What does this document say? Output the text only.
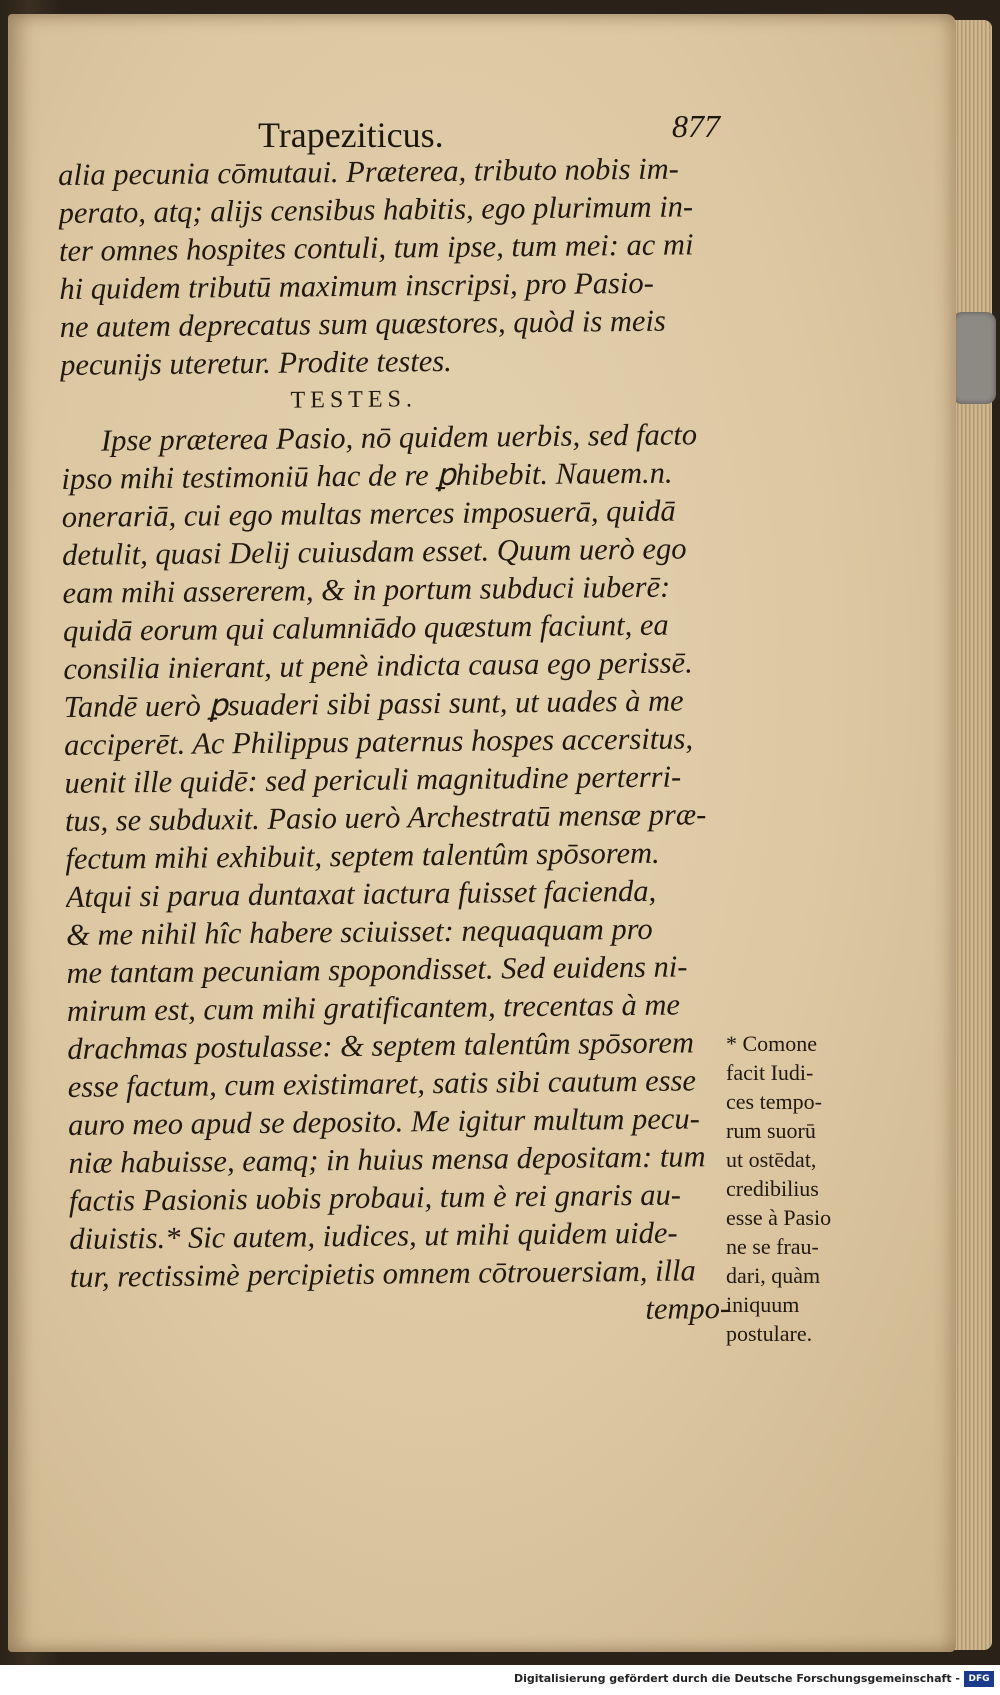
Trapeziticus.	877
alia pecunia cōmutaui. Prӕterea, tributo nobis im-
perato, atq; alijs censibus habitis, ego plurimum in-
ter omnes hospites contuli, tum ipse, tum mei: ac mi
hi quidem tributū maximum inscripsi, pro Pasio-
ne autem deprecatus sum quӕstores, quòd is meis
pecunijs uteretur. Prodite testes.
TESTES.
Ipse prӕterea Pasio, nō quidem uerbis, sed facto
ipso mihi testimoniū hac de re ꝑhibebit. Nauem.n.
onerariā, cui ego multas merces imposuerā, quidā
detulit, quasi Delij cuiusdam esset. Quum uerò ego
eam mihi assererem, & in portum subduci iuberē:
quidā eorum qui calumniādo quӕstum faciunt, ea
consilia inierant, ut penè indicta causa ego perissē.
Tandē uerò ꝑsuaderi sibi passi sunt, ut uades à me
acciperēt. Ac Philippus paternus hospes accersitus,
uenit ille quidē: sed periculi magnitudine perterri-
tus, se subduxit. Pasio uerò Archestratū mensӕ prӕ-
fectum mihi exhibuit, septem talentûm spōsorem.
Atqui si parua duntaxat iactura fuisset facienda,
& me nihil hîc habere sciuisset: nequaquam pro
me tantam pecuniam spopondisset. Sed euidens ni-
mirum est, cum mihi gratificantem, trecentas à me
drachmas postulasse: & septem talentûm spōsorem
esse factum, cum existimaret, satis sibi cautum esse
auro meo apud se deposito. Me igitur multum pecu-
niӕ habuisse, eamq; in huius mensa depositam: tum
factis Pasionis uobis probaui, tum è rei gnaris au-
diuistis.* Sic autem, iudices, ut mihi quidem uide-
tur, rectissimè percipietis omnem cōtrouersiam, illa
tempo-
* Comone
facit Iudi-
ces tempo-
rum suorū
ut ostēdat,
credibilius
esse à Pasio
ne se frau-
dari, quàm
iniquum
postulare.
Digitalisierung gefördert durch die Deutsche Forschungsgemeinschaft - DFG
